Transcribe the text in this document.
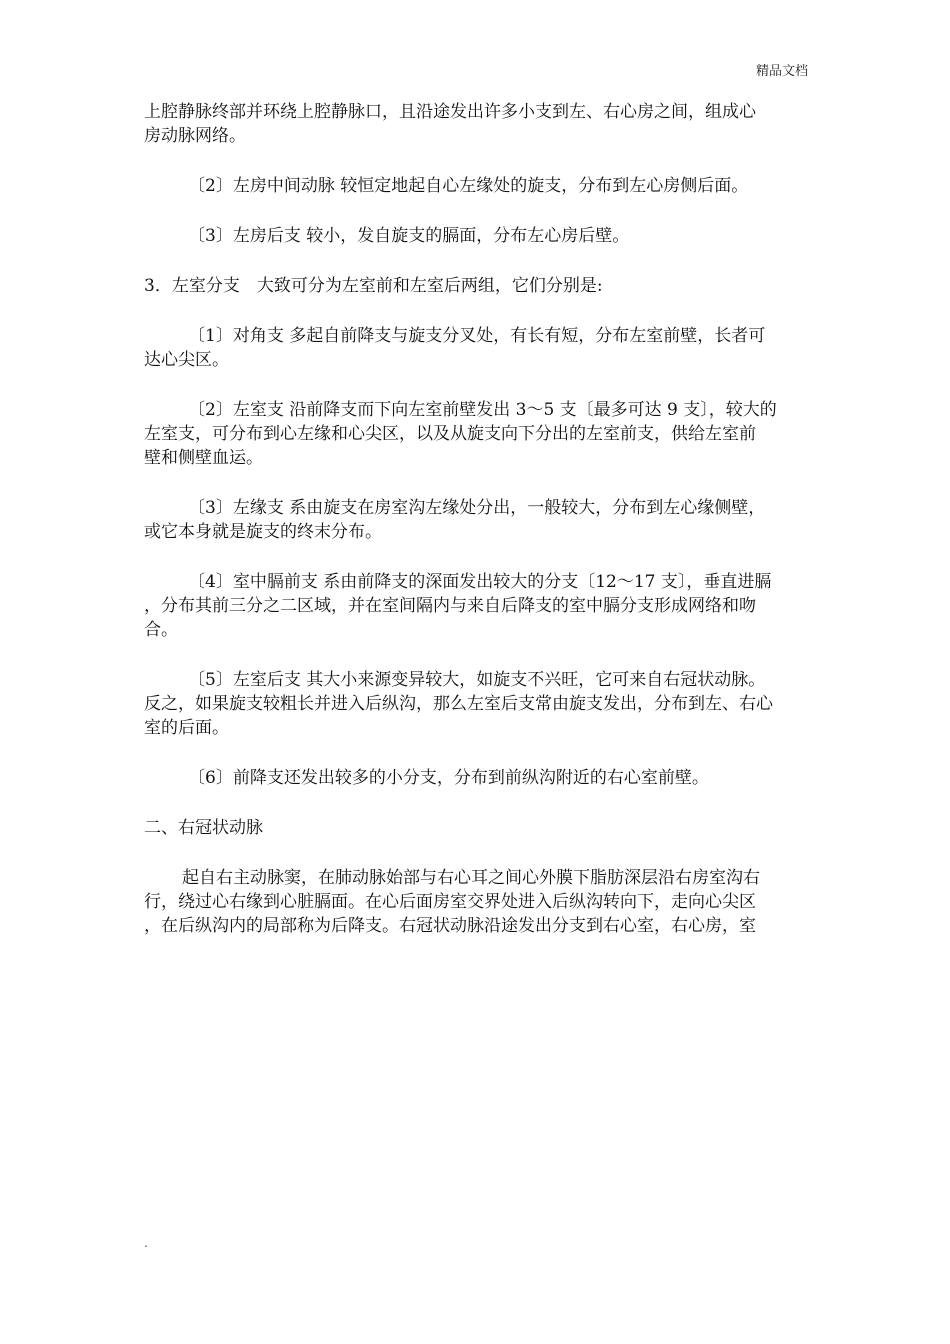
精品文档
上腔静脉终部并环绕上腔静脉口，且沿途发出许多小支到左、右心房之间，组成心
房动脉网络。
〔2〕左房中间动脉 较恒定地起自心左缘处的旋支，分布到左心房侧后面。
〔3〕左房后支 较小，发自旋支的膈面，分布左心房后壁。
3．左室分支　大致可分为左室前和左室后两组，它们分别是:
〔1〕对角支 多起自前降支与旋支分叉处，有长有短，分布左室前壁，长者可
达心尖区。
〔2〕左室支 沿前降支而下向左室前壁发出 3～5 支〔最多可达 9 支〕，较大的
左室支，可分布到心左缘和心尖区，以及从旋支向下分出的左室前支，供给左室前
壁和侧壁血运。
〔3〕左缘支 系由旋支在房室沟左缘处分出，一般较大，分布到左心缘侧壁，
或它本身就是旋支的终末分布。
〔4〕室中膈前支 系由前降支的深面发出较大的分支〔12～17 支〕，垂直进膈
，分布其前三分之二区域，并在室间隔内与来自后降支的室中膈分支形成网络和吻
合。
〔5〕左室后支 其大小来源变异较大，如旋支不兴旺，它可来自右冠状动脉。
反之，如果旋支较粗长并进入后纵沟，那么左室后支常由旋支发出，分布到左、右心
室的后面。
〔6〕前降支还发出较多的小分支，分布到前纵沟附近的右心室前壁。
二、右冠状动脉
起自右主动脉窦，在肺动脉始部与右心耳之间心外膜下脂肪深层沿右房室沟右
行，绕过心右缘到心脏膈面。在心后面房室交界处进入后纵沟转向下，走向心尖区
，在后纵沟内的局部称为后降支。右冠状动脉沿途发出分支到右心室，右心房，室
.
